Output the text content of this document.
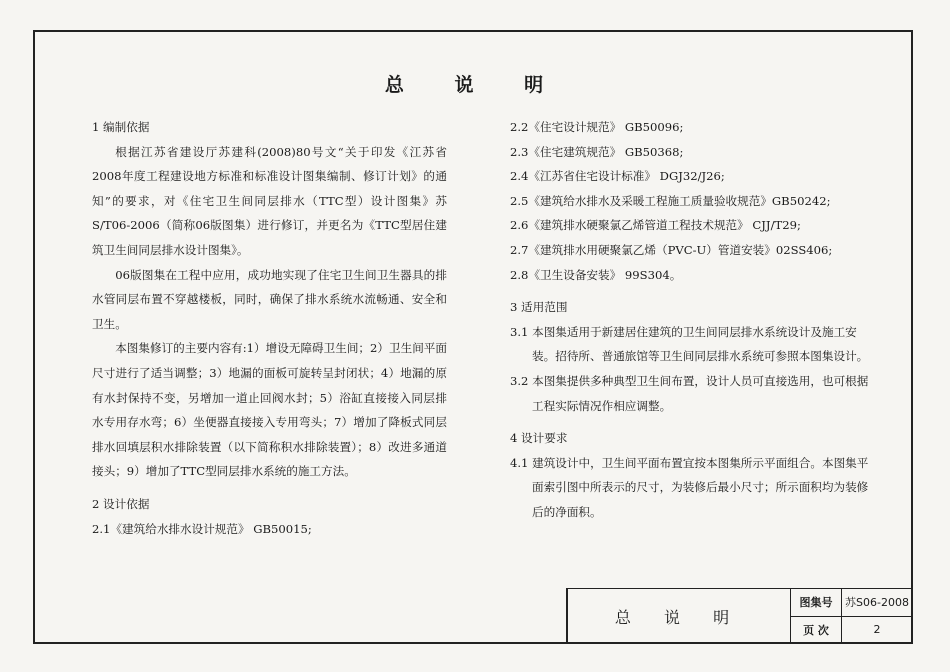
总 说 明

1 编制依据

根据江苏省建设厅苏建科(2008)80号文“关于印发《江苏省2008年度工程建设地方标准和标准设计图集编制、修订计划》的通知”的要求，对《住宅卫生间同层排水（TTC型）设计图集》苏S/T06-2006（简称06版图集）进行修订，并更名为《TTC型居住建筑卫生间同层排水设计图集》。

06版图集在工程中应用，成功地实现了住宅卫生间卫生器具的排水管同层布置不穿越楼板，同时，确保了排水系统水流畅通、安全和卫生。

本图集修订的主要内容有:1）增设无障碍卫生间；2）卫生间平面尺寸进行了适当调整；3）地漏的面板可旋转呈封闭状；4）地漏的原有水封保持不变，另增加一道止回阀水封；5）浴缸直接接入同层排水专用存水弯；6）坐便器直接接入专用弯头；7）增加了降板式同层排水回填层积水排除装置（以下简称积水排除装置）；8）改进多通道接头；9）增加了TTC型同层排水系统的施工方法。

2 设计依据

2.1《建筑给水排水设计规范》 GB50015;

2.2《住宅设计规范》 GB50096;

2.3《住宅建筑规范》 GB50368;

2.4《江苏省住宅设计标准》 DGJ32/J26;

2.5《建筑给水排水及采暖工程施工质量验收规范》GB50242;

2.6《建筑排水硬聚氯乙烯管道工程技术规范》 CJJ/T29;

2.7《建筑排水用硬聚氯乙烯（PVC-U）管道安装》02SS406;

2.8《卫生设备安装》 99S304。

3 适用范围

3.1 本图集适用于新建居住建筑的卫生间同层排水系统设计及施工安装。招待所、普通旅馆等卫生间同层排水系统可参照本图集设计。

3.2 本图集提供多种典型卫生间布置，设计人员可直接选用，也可根据工程实际情况作相应调整。

4 设计要求

4.1 建筑设计中，卫生间平面布置宜按本图集所示平面组合。本图集平面索引图中所表示的尺寸，为装修后最小尺寸；所示面积均为装修后的净面积。

总 说 明	图集号	苏S06-2008
	页 次	2
